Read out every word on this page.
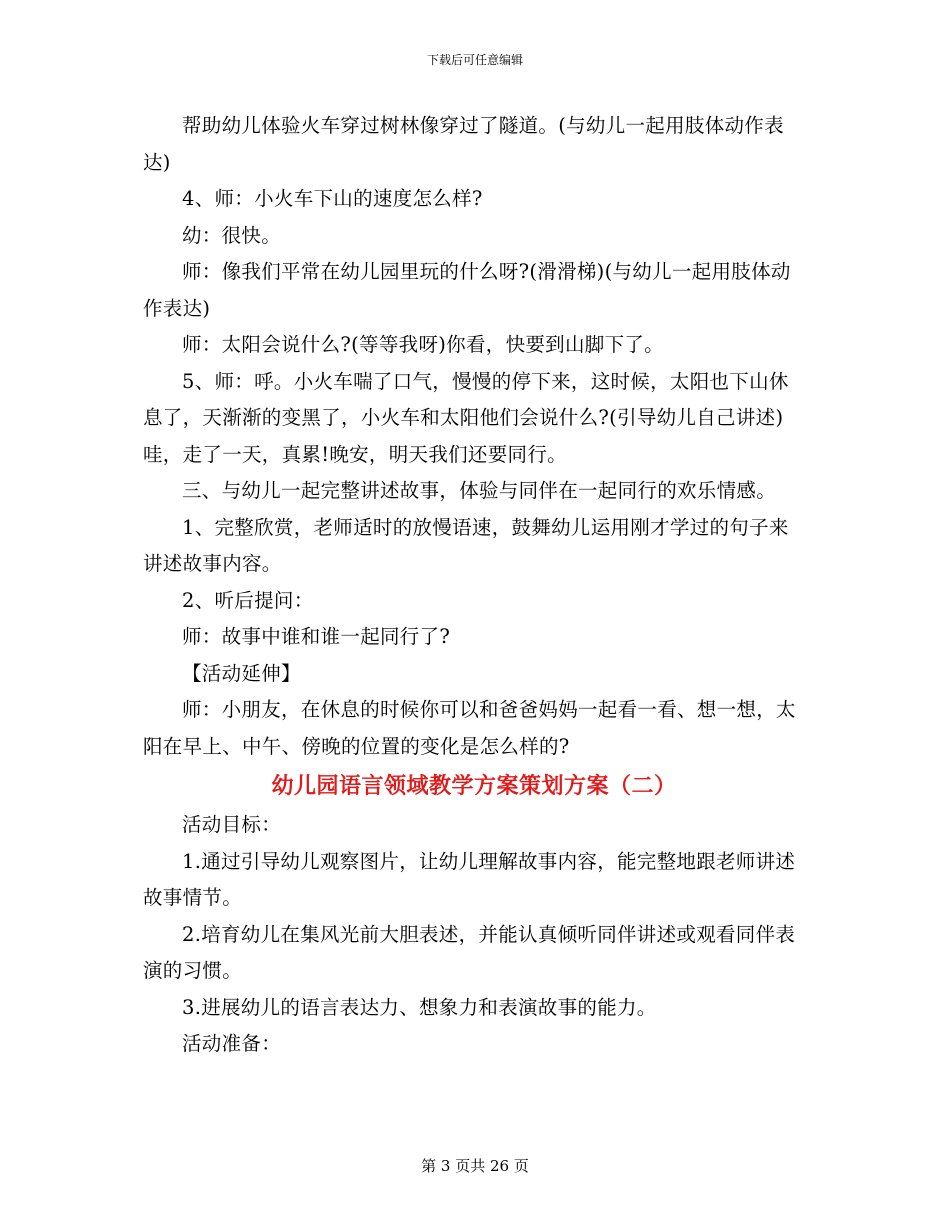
下载后可任意编辑

帮助幼儿体验火车穿过树林像穿过了隧道。(与幼儿一起用肢体动作表达)

4、师：小火车下山的速度怎么样?

幼：很快。

师：像我们平常在幼儿园里玩的什么呀?(滑滑梯)(与幼儿一起用肢体动作表达)

师：太阳会说什么?(等等我呀)你看，快要到山脚下了。

5、师：呼。小火车喘了口气，慢慢的停下来，这时候，太阳也下山休息了，天渐渐的变黑了，小火车和太阳他们会说什么?(引导幼儿自己讲述)哇，走了一天，真累!晚安，明天我们还要同行。

三、与幼儿一起完整讲述故事，体验与同伴在一起同行的欢乐情感。

1、完整欣赏，老师适时的放慢语速，鼓舞幼儿运用刚才学过的句子来讲述故事内容。

2、听后提问：

师：故事中谁和谁一起同行了?

【活动延伸】

师：小朋友，在休息的时候你可以和爸爸妈妈一起看一看、想一想，太阳在早上、中午、傍晚的位置的变化是怎么样的?

幼儿园语言领域教学方案策划方案（二）

活动目标：

1.通过引导幼儿观察图片，让幼儿理解故事内容，能完整地跟老师讲述故事情节。

2.培育幼儿在集风光前大胆表述，并能认真倾听同伴讲述或观看同伴表演的习惯。

3.进展幼儿的语言表达力、想象力和表演故事的能力。

活动准备：

第 3 页共 26 页
